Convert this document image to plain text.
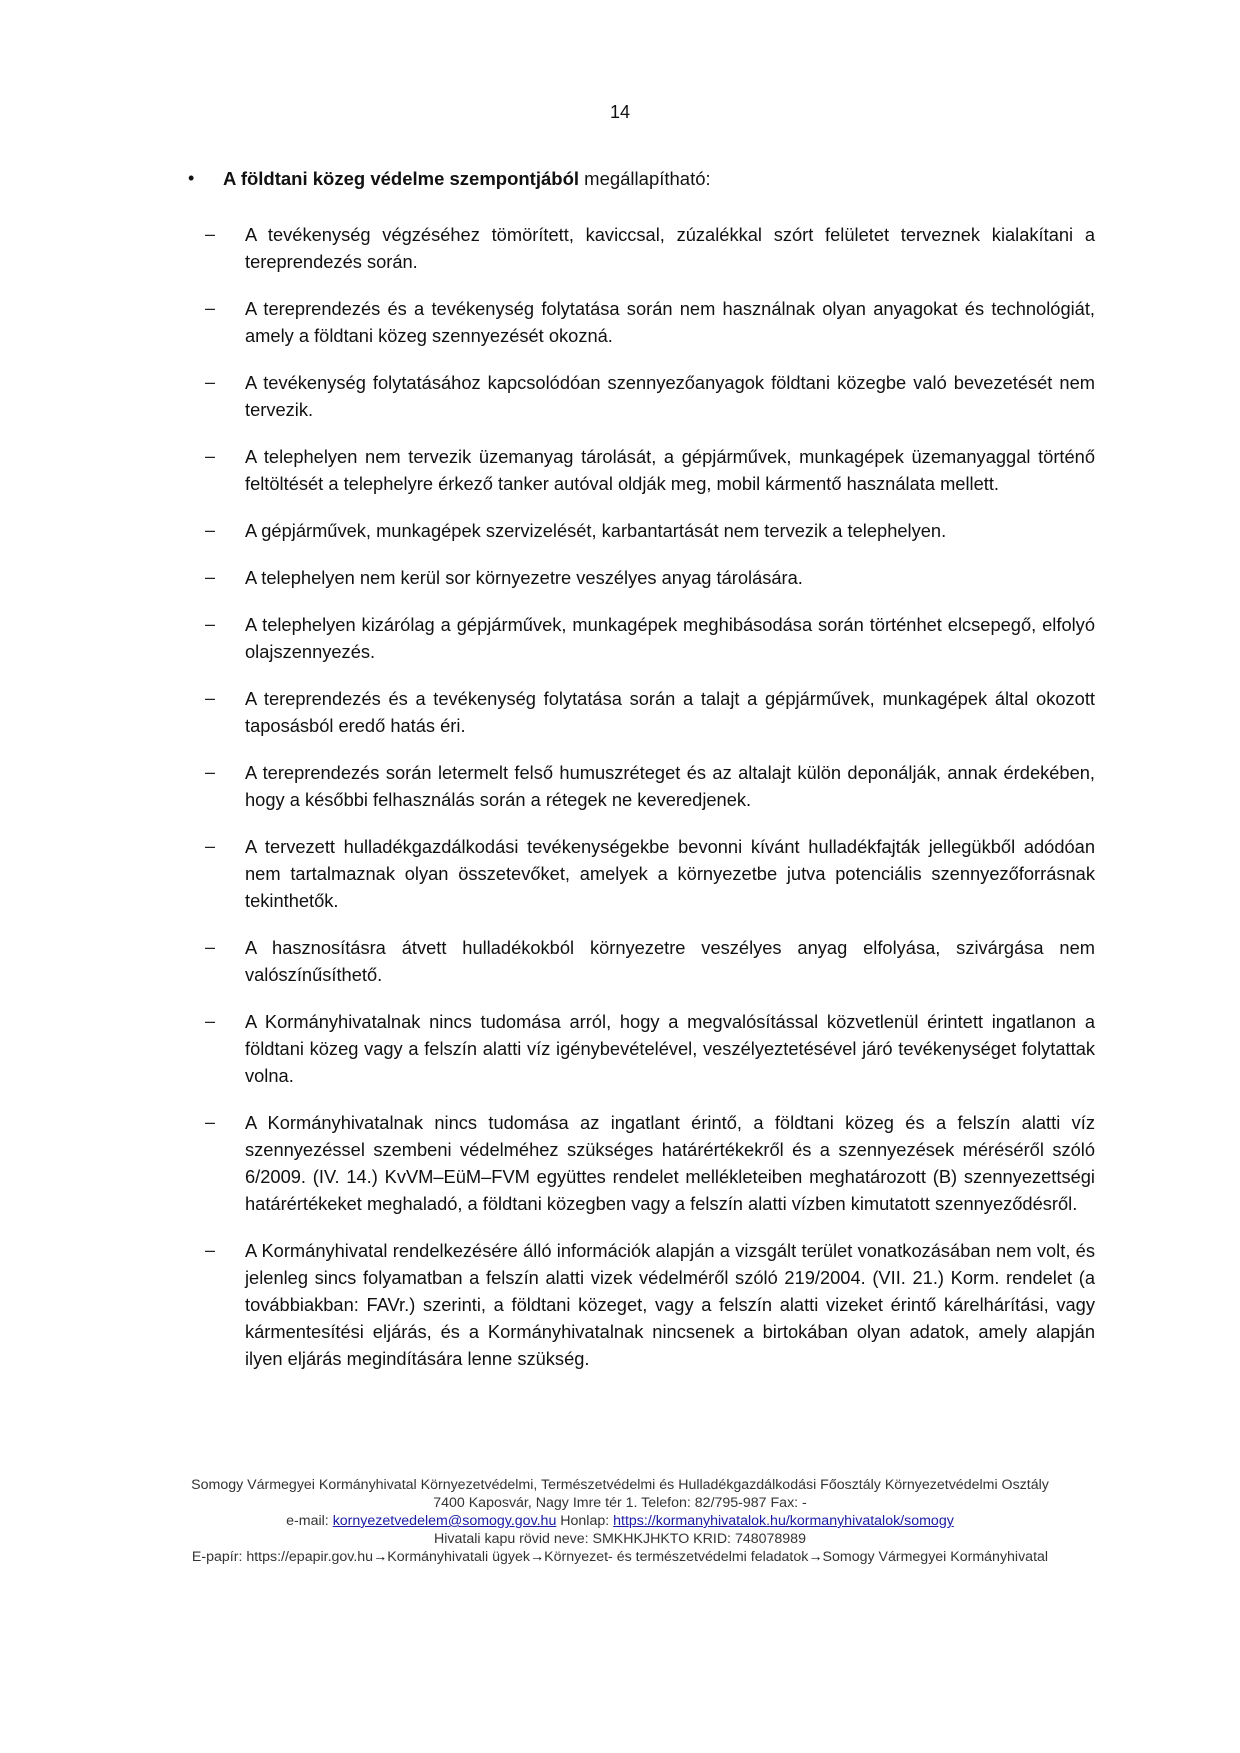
14
• A földtani közeg védelme szempontjából megállapítható:
– A tevékenység végzéséhez tömörített, kaviccsal, zúzalékkal szórt felületet terveznek kialakítani a tereprendezés során.
– A tereprendezés és a tevékenység folytatása során nem használnak olyan anyagokat és technológiát, amely a földtani közeg szennyezését okozná.
– A tevékenység folytatásához kapcsolódóan szennyezőanyagok földtani közegbe való bevezetését nem tervezik.
– A telephelyen nem tervezik üzemanyag tárolását, a gépjárművek, munkagépek üzemanyaggal történő feltöltését a telephelyre érkező tanker autóval oldják meg, mobil kármentő használata mellett.
– A gépjárművek, munkagépek szervizelését, karbantartását nem tervezik a telephelyen.
– A telephelyen nem kerül sor környezetre veszélyes anyag tárolására.
– A telephelyen kizárólag a gépjárművek, munkagépek meghibásodása során történhet elcsepegő, elfolyó olajszennyezés.
– A tereprendezés és a tevékenység folytatása során a talajt a gépjárművek, munkagépek által okozott taposásból eredő hatás éri.
– A tereprendezés során letermelt felső humuszréteget és az altalajt külön deponálják, annak érdekében, hogy a későbbi felhasználás során a rétegek ne keveredjenek.
– A tervezett hulladékgazdálkodási tevékenységekbe bevonni kívánt hulladékfajták jellegükből adódóan nem tartalmaznak olyan összetevőket, amelyek a környezetbe jutva potenciális szennyezőforrásnak tekinthetők.
– A hasznosításra átvett hulladékokból környezetre veszélyes anyag elfolyása, szivárgása nem valószínűsíthető.
– A Kormányhivatalnak nincs tudomása arról, hogy a megvalósítással közvetlenül érintett ingatlanon a földtani közeg vagy a felszín alatti víz igénybevételével, veszélyeztetésével járó tevékenységet folytattak volna.
– A Kormányhivatalnak nincs tudomása az ingatlant érintő, a földtani közeg és a felszín alatti víz szennyezéssel szembeni védelméhez szükséges határértékekről és a szennyezések méréséről szóló 6/2009. (IV. 14.) KvVM–EüM–FVM együttes rendelet mellékleteiben meghatározott (B) szennyezettségi határértékeket meghaladó, a földtani közegben vagy a felszín alatti vízben kimutatott szennyeződésről.
– A Kormányhivatal rendelkezésére álló információk alapján a vizsgált terület vonatkozásában nem volt, és jelenleg sincs folyamatban a felszín alatti vizek védelméről szóló 219/2004. (VII. 21.) Korm. rendelet (a továbbiakban: FAVr.) szerinti, a földtani közeget, vagy a felszín alatti vizeket érintő kárelhárítási, vagy kármentesítési eljárás, és a Kormányhivatalnak nincsenek a birtokában olyan adatok, amely alapján ilyen eljárás megindítására lenne szükség.
Somogy Vármegyei Kormányhivatal Környezetvédelmi, Természetvédelmi és Hulladékgazdálkodási Főosztály Környezetvédelmi Osztály
7400 Kaposvár, Nagy Imre tér 1. Telefon: 82/795-987 Fax: -
e-mail: kornyezetvedelem@somogy.gov.hu Honlap: https://kormanyhivatalok.hu/kormanyhivatalok/somogy
Hivatali kapu rövid neve: SMKHKJHKTO KRID: 748078989
E-papír: https://epapir.gov.hu→Kormányhivatali ügyek→Környezet- és természetvédelmi feladatok→Somogy Vármegyei Kormányhivatal
